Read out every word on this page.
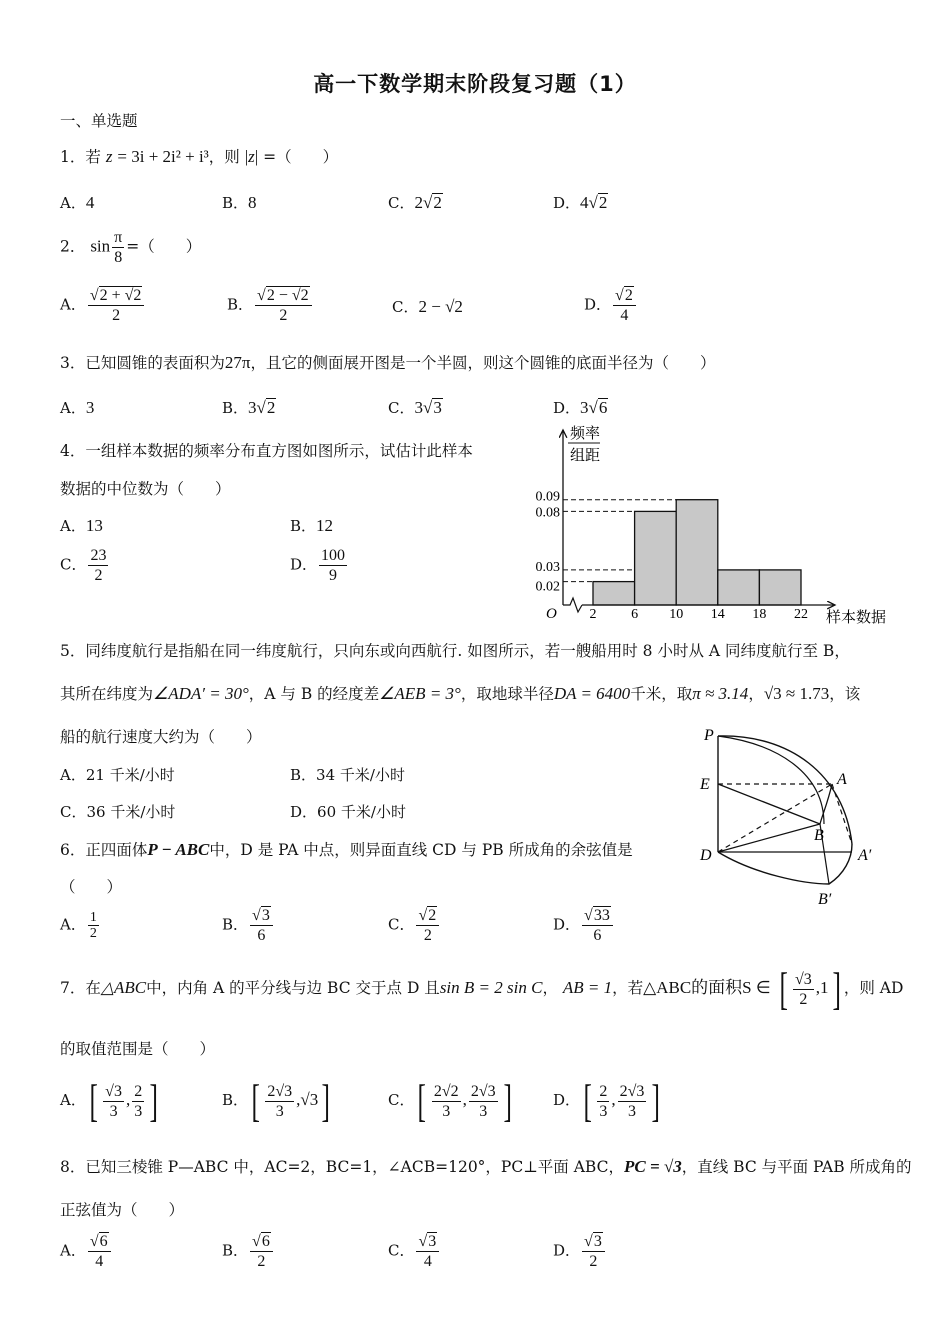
高一下数学期末阶段复习题（1）
一、单选题
1．若 z = 3i + 2i² + i³，则 |z| =（　　）
A．4	B．8	C．2√2	D．4√2
2． $\sin \frac{\pi}{8}$ =（　　）
A． $\frac{√2 + √2}{2}$	B． $\frac{√2 - √2}{2}$	C．2 − √2	D． $\frac{√2}{4}$
3．已知圆锥的表面积为27π，且它的侧面展开图是一个半圆，则这个圆锥的底面半径为（　　）
A．3	B．3√2	C．3√3	D．3√6
4．一组样本数据的频率分布直方图如图所示，试估计此样本
数据的中位数为（　　）
A．13	B．12
C． $\frac{23}{2}$	D． $\frac{100}{9}$
频率
组距
O	样本数据
2 6 10 14 18 22
0.02
0.03
0.08
0.09
5．同纬度航行是指船在同一纬度航行，只向东或向西航行. 如图所示，若一艘船用时 8 小时从 A 同纬度航行至 B，
其所在纬度为∠ADA′ = 30°，A 与 B 的经度差∠AEB = 3°，取地球半径DA = 6400千米，取π ≈ 3.14，√3 ≈ 1.73，该
船的航行速度大约为（　　）
A．21 千米/小时	B．34 千米/小时
C．36 千米/小时	D．60 千米/小时
P
E	A
B
D	A′
B′
6．正四面体P − ABC中，D 是 PA 中点，则异面直线 CD 与 PB 所成角的余弦值是
（　　）
A． $\frac{1}{2}$	B． $\frac{√3}{6}$	C． $\frac{√2}{2}$	D． $\frac{√33}{6}$
7．在△ABC中，内角 A 的平分线与边 BC 交于点 D 且sin B = 2 sin C， AB = 1，若△ABC的面积S ∈ [ $\frac{√3}{2} ,1$] ，则 AD
的取值范围是（　　）
A．[ $\frac{√3}{3}$ , $\frac{2}{3}$ ]	B．[ $\frac{2√3}{3} ,√3$]	C．[ $\frac{2√2}{3}$ , $\frac{2√3}{3}$ ]	D．[ $\frac{2}{3}$ , $\frac{2√3}{3}$ ]
8．已知三棱锥 P—ABC 中，AC=2，BC=1，∠ACB=120°，PC⊥平面 ABC，PC = √3，直线 BC 与平面 PAB 所成角的
正弦值为（　　）
A． $\frac{√6}{4}$	B． $\frac{√6}{2}$	C． $\frac{√3}{4}$	D． $\frac{√3}{2}$
